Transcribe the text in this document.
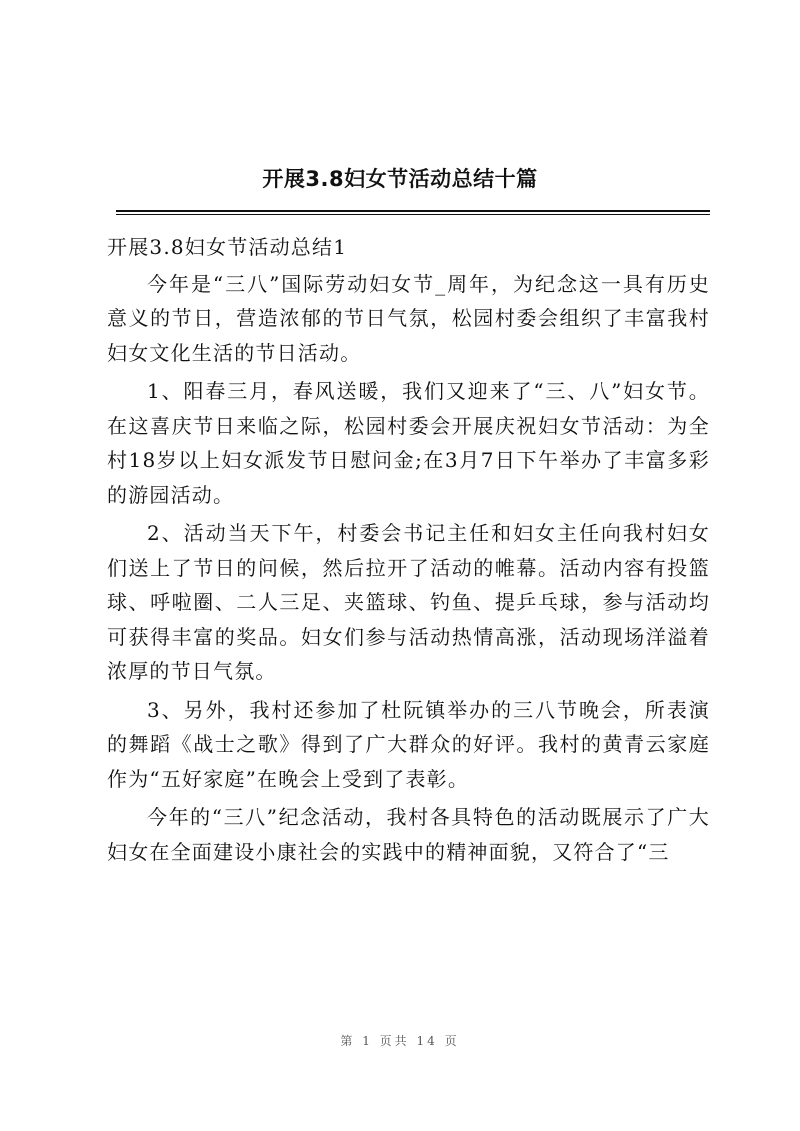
开展3.8妇女节活动总结十篇

开展3.8妇女节活动总结1

今年是“三八”国际劳动妇女节_周年，为纪念这一具有历史意义的节日，营造浓郁的节日气氛，松园村委会组织了丰富我村妇女文化生活的节日活动。

1、阳春三月，春风送暖，我们又迎来了“三、八”妇女节。在这喜庆节日来临之际，松园村委会开展庆祝妇女节活动：为全村18岁以上妇女派发节日慰问金;在3月7日下午举办了丰富多彩的游园活动。

2、活动当天下午，村委会书记主任和妇女主任向我村妇女们送上了节日的问候，然后拉开了活动的帷幕。活动内容有投篮球、呼啦圈、二人三足、夹篮球、钓鱼、提乒乓球，参与活动均可获得丰富的奖品。妇女们参与活动热情高涨，活动现场洋溢着浓厚的节日气氛。

3、另外，我村还参加了杜阮镇举办的三八节晚会，所表演的舞蹈《战士之歌》得到了广大群众的好评。我村的黄青云家庭作为“五好家庭”在晚会上受到了表彰。

今年的“三八”纪念活动，我村各具特色的活动既展示了广大妇女在全面建设小康社会的实践中的精神面貌，又符合了“三

第 1 页共 14 页
